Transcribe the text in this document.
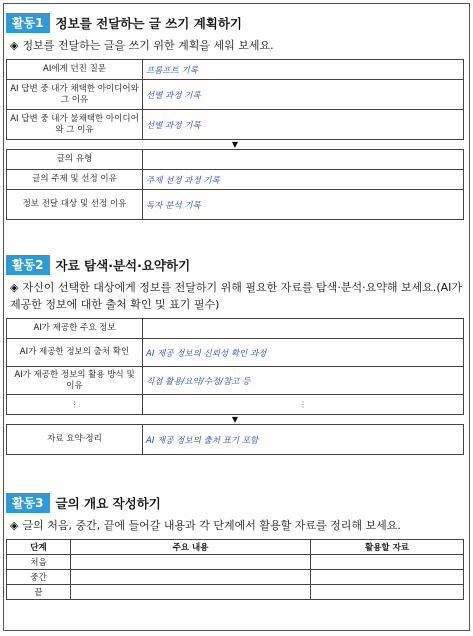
활동1 정보를 전달하는 글 쓰기 계획하기
◈ 정보를 전달하는 글을 쓰기 위한 계획을 세워 보세요.
AI에게 던진 질문	프롬프트 기록
AI 답변 중 내가 채택한 아이디어와 그 이유	선별 과정 기록
AI 답변 중 내가 불채택한 아이디어와 그 이유	선별 과정 기록
▼
글의 유형	
글의 주제 및 선정 이유	주제 선정 과정 기록
정보 전달 대상 및 선정 이유	독자 분석 기록
활동2 자료 탐색·분석·요약하기
◈ 자신이 선택한 대상에게 정보를 전달하기 위해 필요한 자료를 탐색·분석·요약해 보세요.(AI가 제공한 정보에 대한 출처 확인 및 표기 필수)
AI가 제공한 주요 정보	
AI가 제공한 정보의 출처 확인	AI 제공 정보의 신뢰성 확인 과정
AI가 제공한 정보의 활용 방식 및 이유	직접 활용/요약/수정/참고 등
⋮	⋮
▼
자료 요약·정리	AI 제공 정보의 출처 표기 포함
활동3 글의 개요 작성하기
◈ 글의 처음, 중간, 끝에 들어갈 내용과 각 단계에서 활용할 자료를 정리해 보세요.
단계	주요 내용	활용할 자료
처음		
중간		
끝		
